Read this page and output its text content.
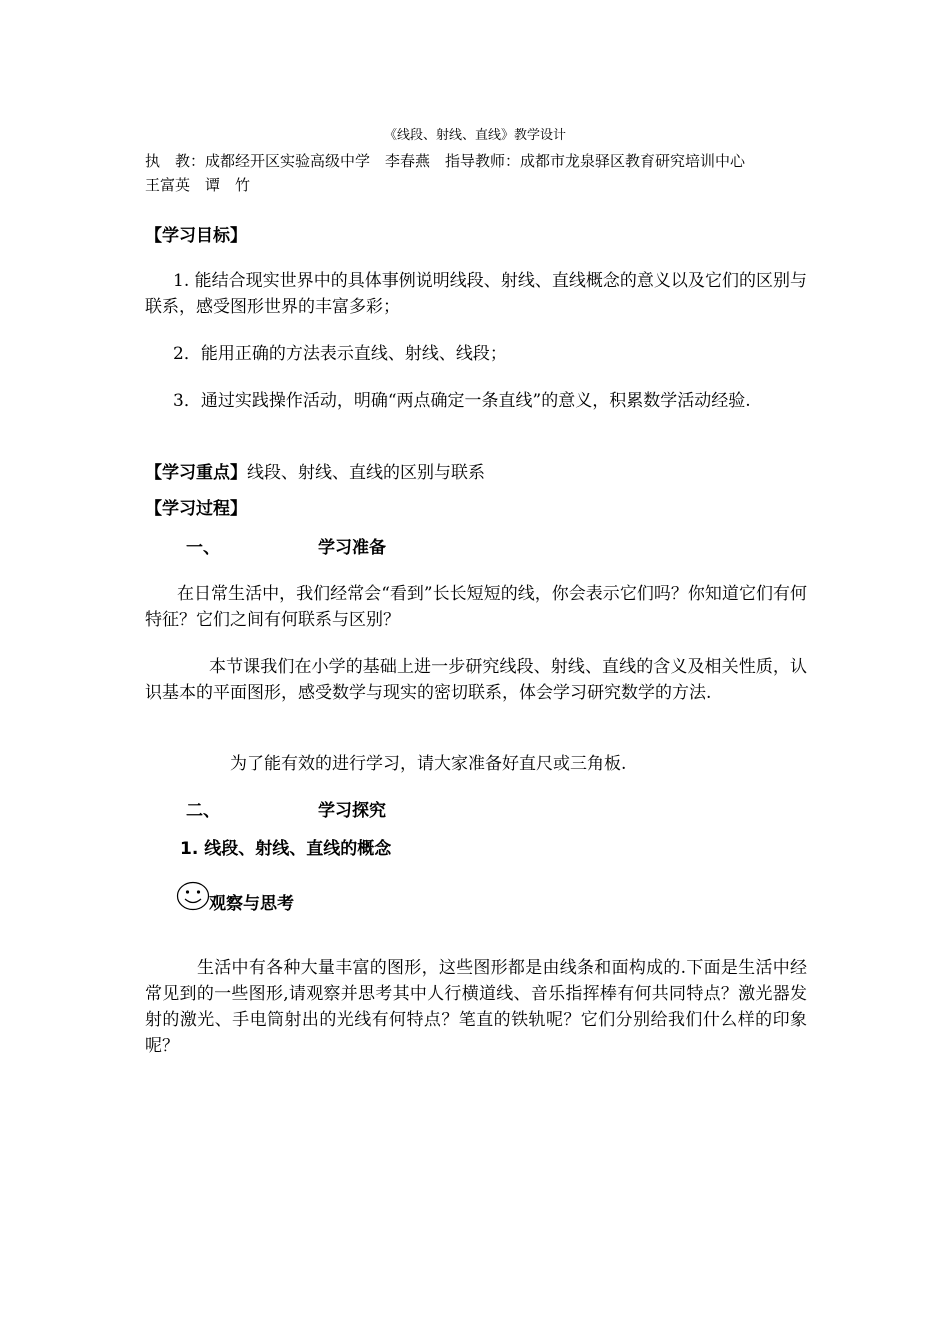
《线段、射线、直线》教学设计
执　教：成都经开区实验高级中学　李春燕　指导教师：成都市龙泉驿区教育研究培训中心
王富英　谭　竹
【学习目标】
1. 能结合现实世界中的具体事例说明线段、射线、直线概念的意义以及它们的区别与联系，感受图形世界的丰富多彩；
2．能用正确的方法表示直线、射线、线段；
3．通过实践操作活动，明确“两点确定一条直线”的意义，积累数学活动经验.
【学习重点】线段、射线、直线的区别与联系
【学习过程】
一、	学习准备
在日常生活中，我们经常会“看到”长长短短的线，你会表示它们吗？你知道它们有何特征？它们之间有何联系与区别？
本节课我们在小学的基础上进一步研究线段、射线、直线的含义及相关性质，认识基本的平面图形，感受数学与现实的密切联系，体会学习研究数学的方法.
为了能有效的进行学习，请大家准备好直尺或三角板.
二、	学习探究
1. 线段、射线、直线的概念
观察与思考
生活中有各种大量丰富的图形，这些图形都是由线条和面构成的.下面是生活中经常见到的一些图形,请观察并思考其中人行横道线、音乐指挥棒有何共同特点？激光器发射的激光、手电筒射出的光线有何特点？笔直的铁轨呢？它们分别给我们什么样的印象呢？
